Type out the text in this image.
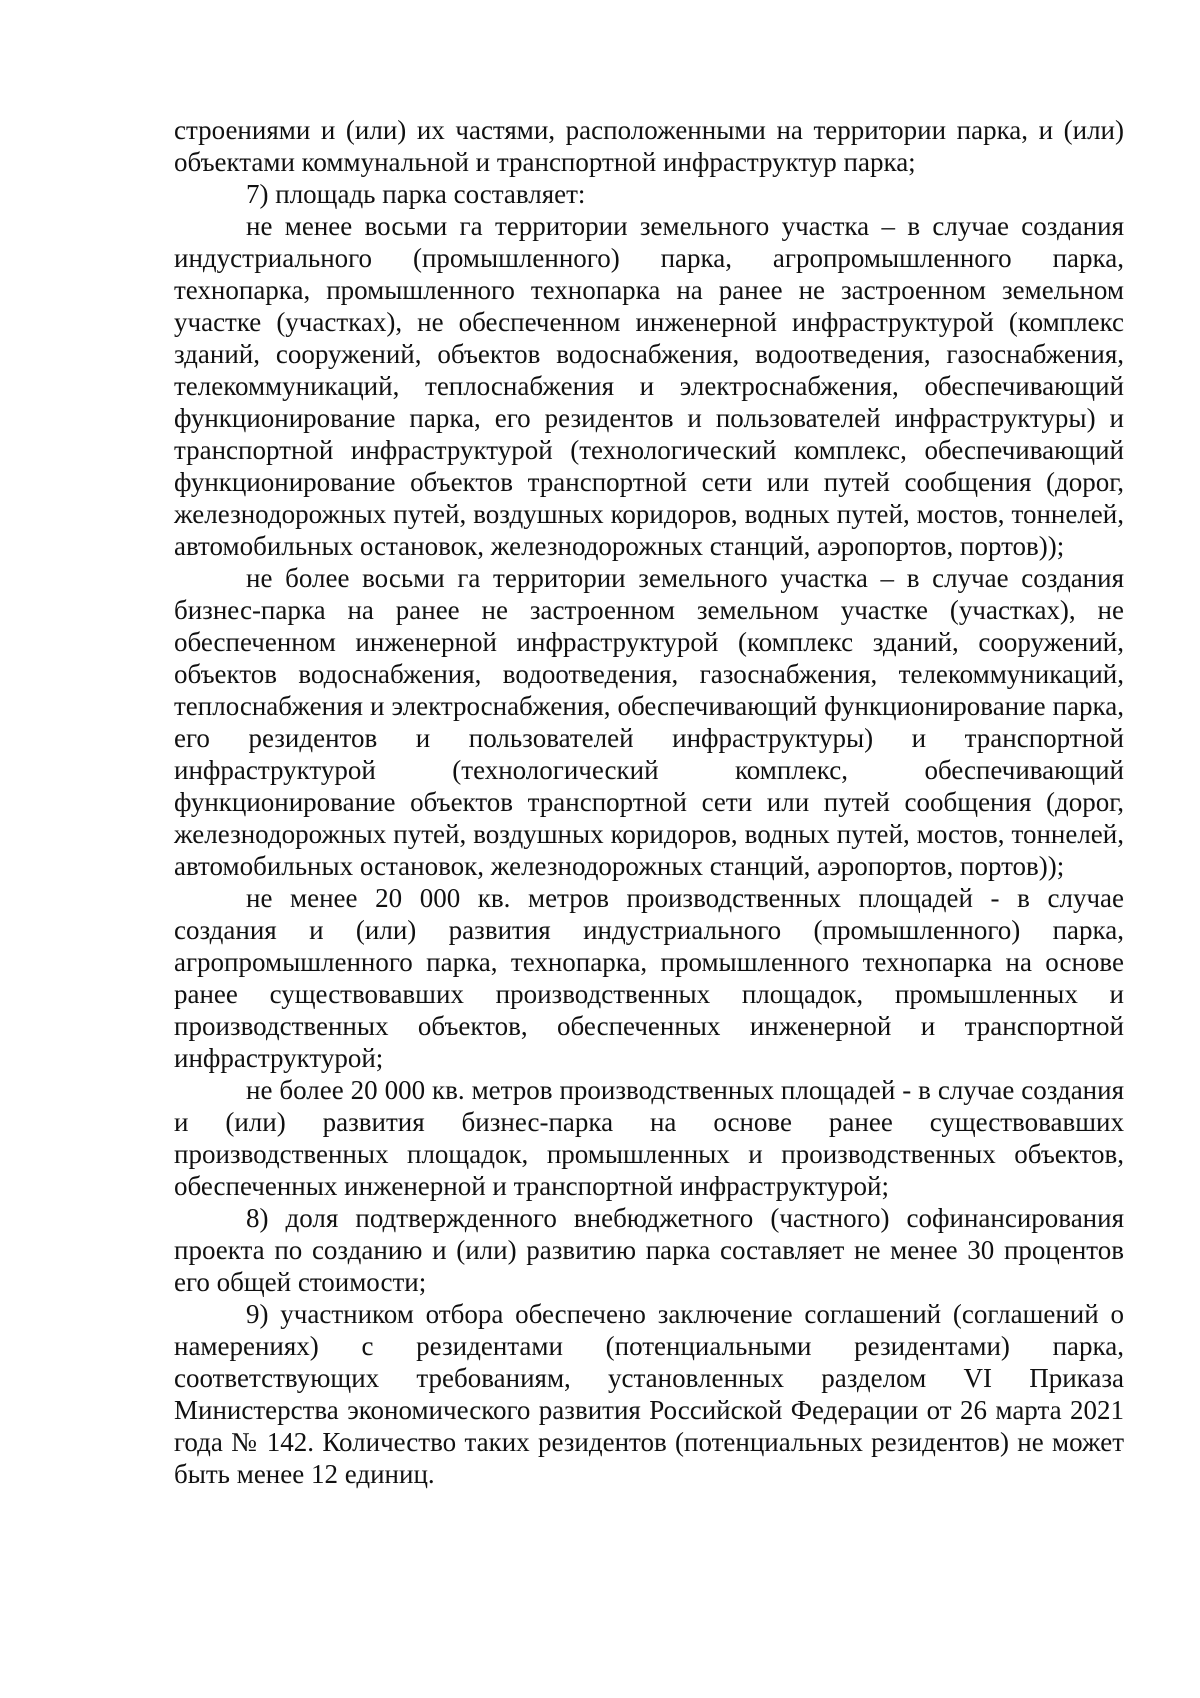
строениями и (или) их частями, расположенными на территории парка, и (или) объектами коммунальной и транспортной инфраструктур парка;

7) площадь парка составляет:

не менее восьми га территории земельного участка – в случае создания индустриального (промышленного) парка, агропромышленного парка, технопарка, промышленного технопарка на ранее не застроенном земельном участке (участках), не обеспеченном инженерной инфраструктурой (комплекс зданий, сооружений, объектов водоснабжения, водоотведения, газоснабжения, телекоммуникаций, теплоснабжения и электроснабжения, обеспечивающий функционирование парка, его резидентов и пользователей инфраструктуры) и транспортной инфраструктурой (технологический комплекс, обеспечивающий функционирование объектов транспортной сети или путей сообщения (дорог, железнодорожных путей, воздушных коридоров, водных путей, мостов, тоннелей, автомобильных остановок, железнодорожных станций, аэропортов, портов));

не более восьми га территории земельного участка – в случае создания бизнес-парка на ранее не застроенном земельном участке (участках), не обеспеченном инженерной инфраструктурой (комплекс зданий, сооружений, объектов водоснабжения, водоотведения, газоснабжения, телекоммуникаций, теплоснабжения и электроснабжения, обеспечивающий функционирование парка, его резидентов и пользователей инфраструктуры) и транспортной инфраструктурой (технологический комплекс, обеспечивающий функционирование объектов транспортной сети или путей сообщения (дорог, железнодорожных путей, воздушных коридоров, водных путей, мостов, тоннелей, автомобильных остановок, железнодорожных станций, аэропортов, портов));

не менее 20 000 кв. метров производственных площадей - в случае создания и (или) развития индустриального (промышленного) парка, агропромышленного парка, технопарка, промышленного технопарка на основе ранее существовавших производственных площадок, промышленных и производственных объектов, обеспеченных инженерной и транспортной инфраструктурой;

не более 20 000 кв. метров производственных площадей - в случае создания и (или) развития бизнес-парка на основе ранее существовавших производственных площадок, промышленных и производственных объектов, обеспеченных инженерной и транспортной инфраструктурой;

8) доля подтвержденного внебюджетного (частного) софинансирования проекта по созданию и (или) развитию парка составляет не менее 30 процентов его общей стоимости;

9) участником отбора обеспечено заключение соглашений (соглашений о намерениях) с резидентами (потенциальными резидентами) парка, соответствующих требованиям, установленных разделом VI Приказа Министерства экономического развития Российской Федерации от 26 марта 2021 года № 142. Количество таких резидентов (потенциальных резидентов) не может быть менее 12 единиц.
